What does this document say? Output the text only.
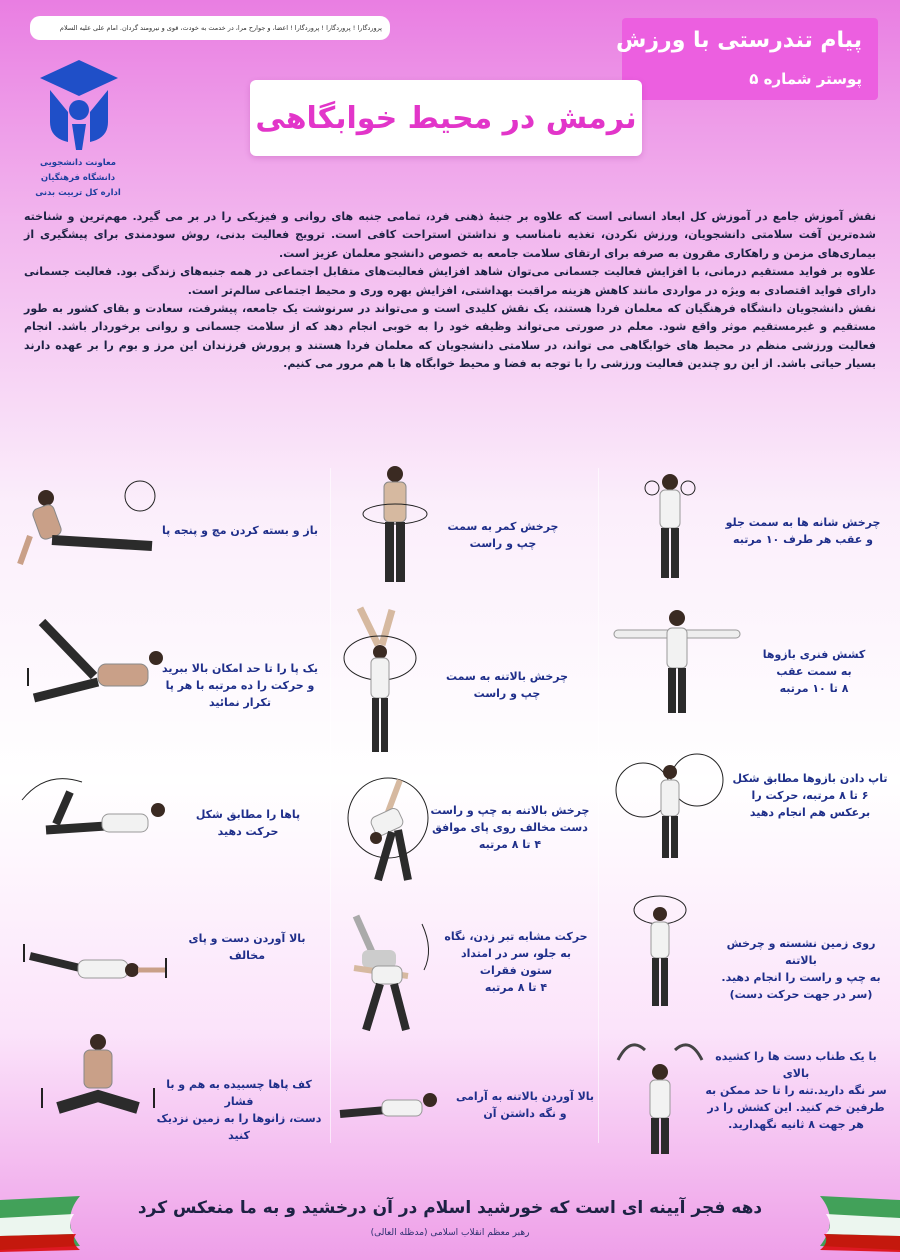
پروردگارا ! پروردگارا ! پروردگارا ! اعضا، و جوارح مرا، در خدمت به خودت، قوی و نیرومند گردان. امام علی علیه السلام	پیام تندرستی با ورزش
پوستر شماره ۵
نرمش در محیط خوابگاهی
معاونت دانشجویی دانشگاه فرهنگیان
اداره کل تربیت بدنی

نقش آموزش جامع در آموزش کل ابعاد انسانی است که علاوه بر جنبهٔ ذهنی فرد، تمامی جنبه های روانی و فیزیکی را در بر می گیرد. مهم‌ترین و شناخته شده‌ترین آفت سلامتی دانشجویان، ورزش نکردن، تغذیه نامناسب و نداشتن استراحت کافی است. ترویج فعالیت بدنی، روش سودمندی برای پیشگیری از بیماری‌های مزمن و راهکاری مقرون به صرفه برای ارتقای سلامت جامعه به خصوص دانشجو معلمان عزیز است.

علاوه بر فواید مستقیم درمانی، با افزایش فعالیت جسمانی می‌توان شاهد افزایش فعالیت‌های متقابل اجتماعی در همه جنبه‌های زندگی بود. فعالیت جسمانی دارای فواید اقتصادی به ویژه در مواردی مانند کاهش هزینه مراقبت بهداشتی، افزایش بهره وری و محیط اجتماعی سالم‌تر است.

نقش دانشجویان دانشگاه فرهنگیان که معلمان فردا هستند، یک نقش کلیدی است و می‌تواند در سرنوشت یک جامعه، پیشرفت، سعادت و بقای کشور به طور مستقیم و غیرمستقیم موثر واقع شود. معلم در صورتی می‌تواند وظیفه خود را به خوبی انجام دهد که از سلامت جسمانی و روانی برخوردار باشد. انجام فعالیت ورزشی منظم در محیط های خوابگاهی می تواند، در سلامتی دانشجویان که معلمان فردا هستند و پرورش فرزندان این مرز و بوم را بر عهده دارند بسیار حیاتی باشد. از این رو چندین فعالیت ورزشی را با توجه به فضا و محیط خوابگاه ها با هم مرور می کنیم.

چرخش شانه ها به سمت جلو
و عقب هر طرف ۱۰ مرتبه
کشش فنری بازوها
به سمت عقب
۸ تا ۱۰ مرتبه
تاپ دادن بازوها مطابق شکل
۶ تا ۸ مرتبه، حرکت را
برعکس هم انجام دهید
روی زمین نشسته و چرخش بالاتنه
به چپ و راست را انجام دهید.
(سر در جهت حرکت دست)
با یک طناب دست ها را کشیده بالای
سر نگه دارید.تنه را تا حد ممکن به
طرفین خم کنید. این کشش را در
هر جهت ۸ ثانیه نگهدارید.
چرخش کمر به سمت
چپ و راست
چرخش بالاتنه به سمت
چپ و راست
چرخش بالاتنه به چپ و راست
دست مخالف روی پای موافق
۴ تا ۸ مرتبه
حرکت مشابه تبر زدن، نگاه
به جلو، سر در امتداد
ستون فقرات
۴ تا ۸ مرتبه
بالا آوردن بالاتنه به آرامی
و نگه داشتن آن
باز و بسته کردن مچ و پنجه پا
یک پا را تا حد امکان بالا ببرید
و حرکت را ده مرتبه با هر پا
تکرار نمائید
پاها را مطابق شکل
حرکت دهید
بالا آوردن دست و پای مخالف
کف پاها چسبیده به هم و با فشار
دست، زانوها را به زمین نزدیک کنید
دهه فجر آیینه ای است که خورشید اسلام در آن درخشید و به ما منعکس کرد
رهبر معظم انقلاب اسلامی (مدظله العالی)
